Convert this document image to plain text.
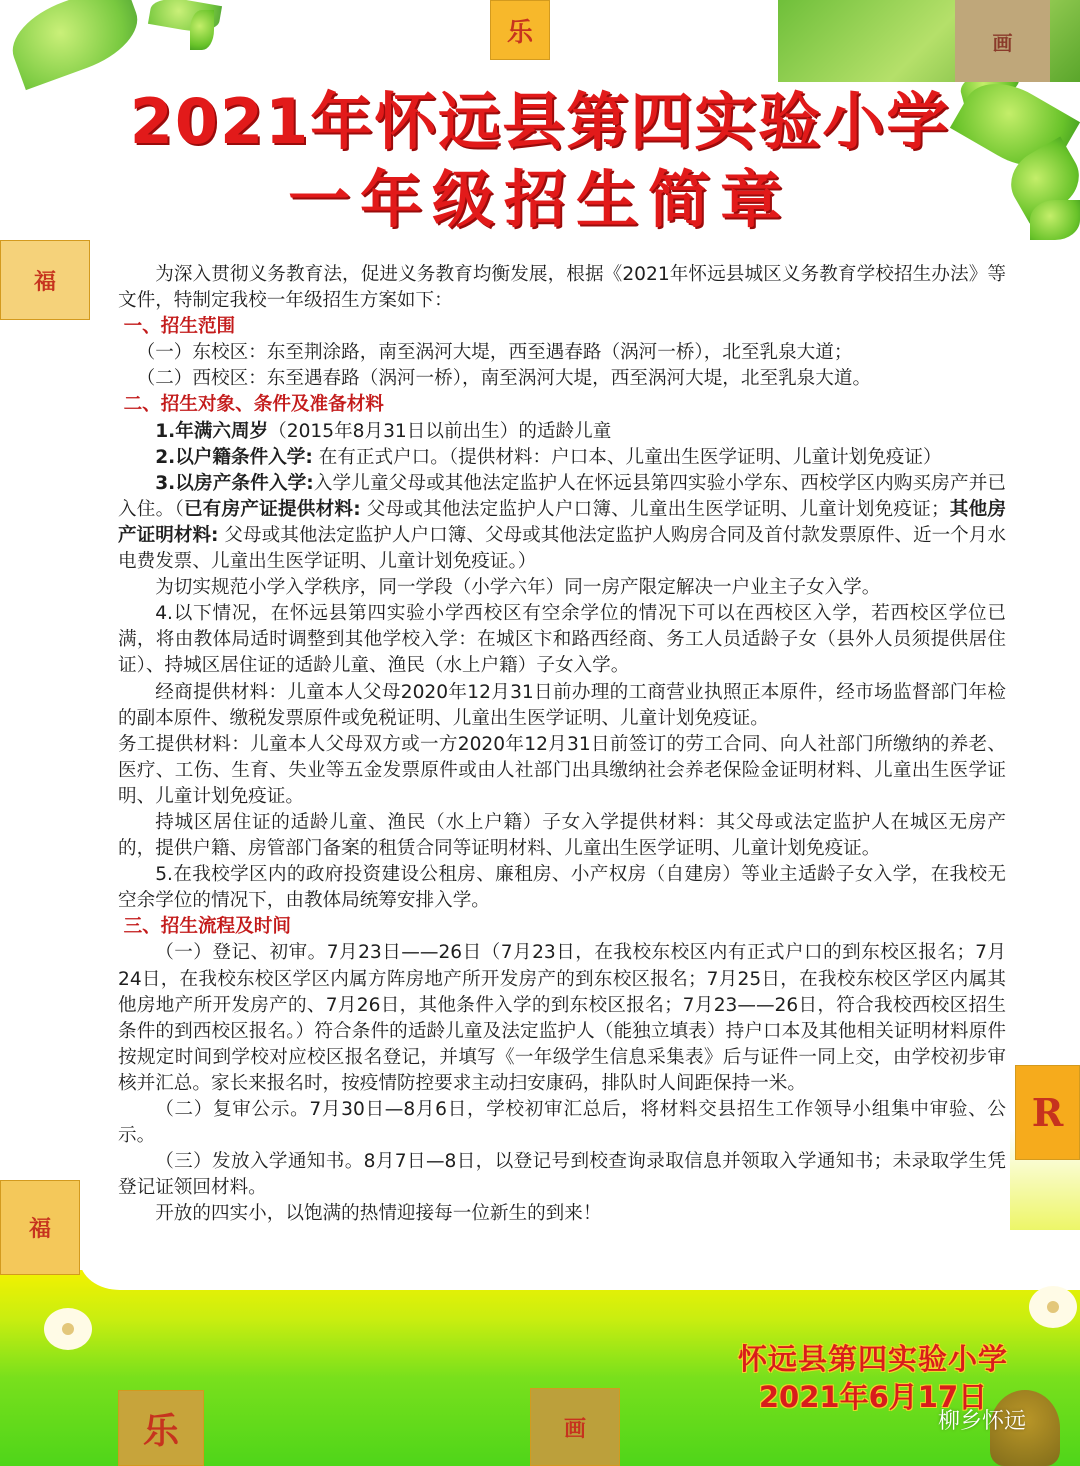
乐	画
福
福
R
乐	画
2021年怀远县第四实验小学
一年级招生简章

为深入贯彻义务教育法，促进义务教育均衡发展，根据《2021年怀远县城区义务教育学校招生办法》等文件，特制定我校一年级招生方案如下：

一、招生范围

（一）东校区：东至荆涂路，南至涡河大堤，西至遇春路（涡河一桥），北至乳泉大道；

（二）西校区：东至遇春路（涡河一桥），南至涡河大堤，西至涡河大堤，北至乳泉大道。

二、招生对象、条件及准备材料

1.年满六周岁（2015年8月31日以前出生）的适龄儿童

2.以户籍条件入学: 在有正式户口。（提供材料：户口本、儿童出生医学证明、儿童计划免疫证）

3.以房产条件入学:入学儿童父母或其他法定监护人在怀远县第四实验小学东、西校学区内购买房产并已入住。（已有房产证提供材料: 父母或其他法定监护人户口簿、儿童出生医学证明、儿童计划免疫证；其他房产证明材料: 父母或其他法定监护人户口簿、父母或其他法定监护人购房合同及首付款发票原件、近一个月水电费发票、儿童出生医学证明、儿童计划免疫证。）

为切实规范小学入学秩序，同一学段（小学六年）同一房产限定解决一户业主子女入学。

4.以下情况，在怀远县第四实验小学西校区有空余学位的情况下可以在西校区入学，若西校区学位已满，将由教体局适时调整到其他学校入学：在城区卞和路西经商、务工人员适龄子女（县外人员须提供居住证）、持城区居住证的适龄儿童、渔民（水上户籍）子女入学。

经商提供材料：儿童本人父母2020年12月31日前办理的工商营业执照正本原件，经市场监督部门年检的副本原件、缴税发票原件或免税证明、儿童出生医学证明、儿童计划免疫证。

务工提供材料：儿童本人父母双方或一方2020年12月31日前签订的劳工合同、向人社部门所缴纳的养老、医疗、工伤、生育、失业等五金发票原件或由人社部门出具缴纳社会养老保险金证明材料、儿童出生医学证明、儿童计划免疫证。

持城区居住证的适龄儿童、渔民（水上户籍）子女入学提供材料：其父母或法定监护人在城区无房产的，提供户籍、房管部门备案的租赁合同等证明材料、儿童出生医学证明、儿童计划免疫证。

5.在我校学区内的政府投资建设公租房、廉租房、小产权房（自建房）等业主适龄子女入学，在我校无空余学位的情况下，由教体局统筹安排入学。

三、招生流程及时间

（一）登记、初审。7月23日——26日（7月23日，在我校东校区内有正式户口的到东校区报名；7月24日，在我校东校区学区内属方阵房地产所开发房产的到东校区报名；7月25日，在我校东校区学区内属其他房地产所开发房产的、7月26日，其他条件入学的到东校区报名；7月23——26日，符合我校西校区招生条件的到西校区报名。）符合条件的适龄儿童及法定监护人（能独立填表）持户口本及其他相关证明材料原件按规定时间到学校对应校区报名登记，并填写《一年级学生信息采集表》后与证件一同上交，由学校初步审核并汇总。家长来报名时，按疫情防控要求主动扫安康码，排队时人间距保持一米。

（二）复审公示。7月30日—8月6日，学校初审汇总后，将材料交县招生工作领导小组集中审验、公示。

（三）发放入学通知书。8月7日—8日，以登记号到校查询录取信息并领取入学通知书；未录取学生凭登记证领回材料。

开放的四实小，以饱满的热情迎接每一位新生的到来！

怀远县第四实验小学
2021年6月17日
柳乡怀远
